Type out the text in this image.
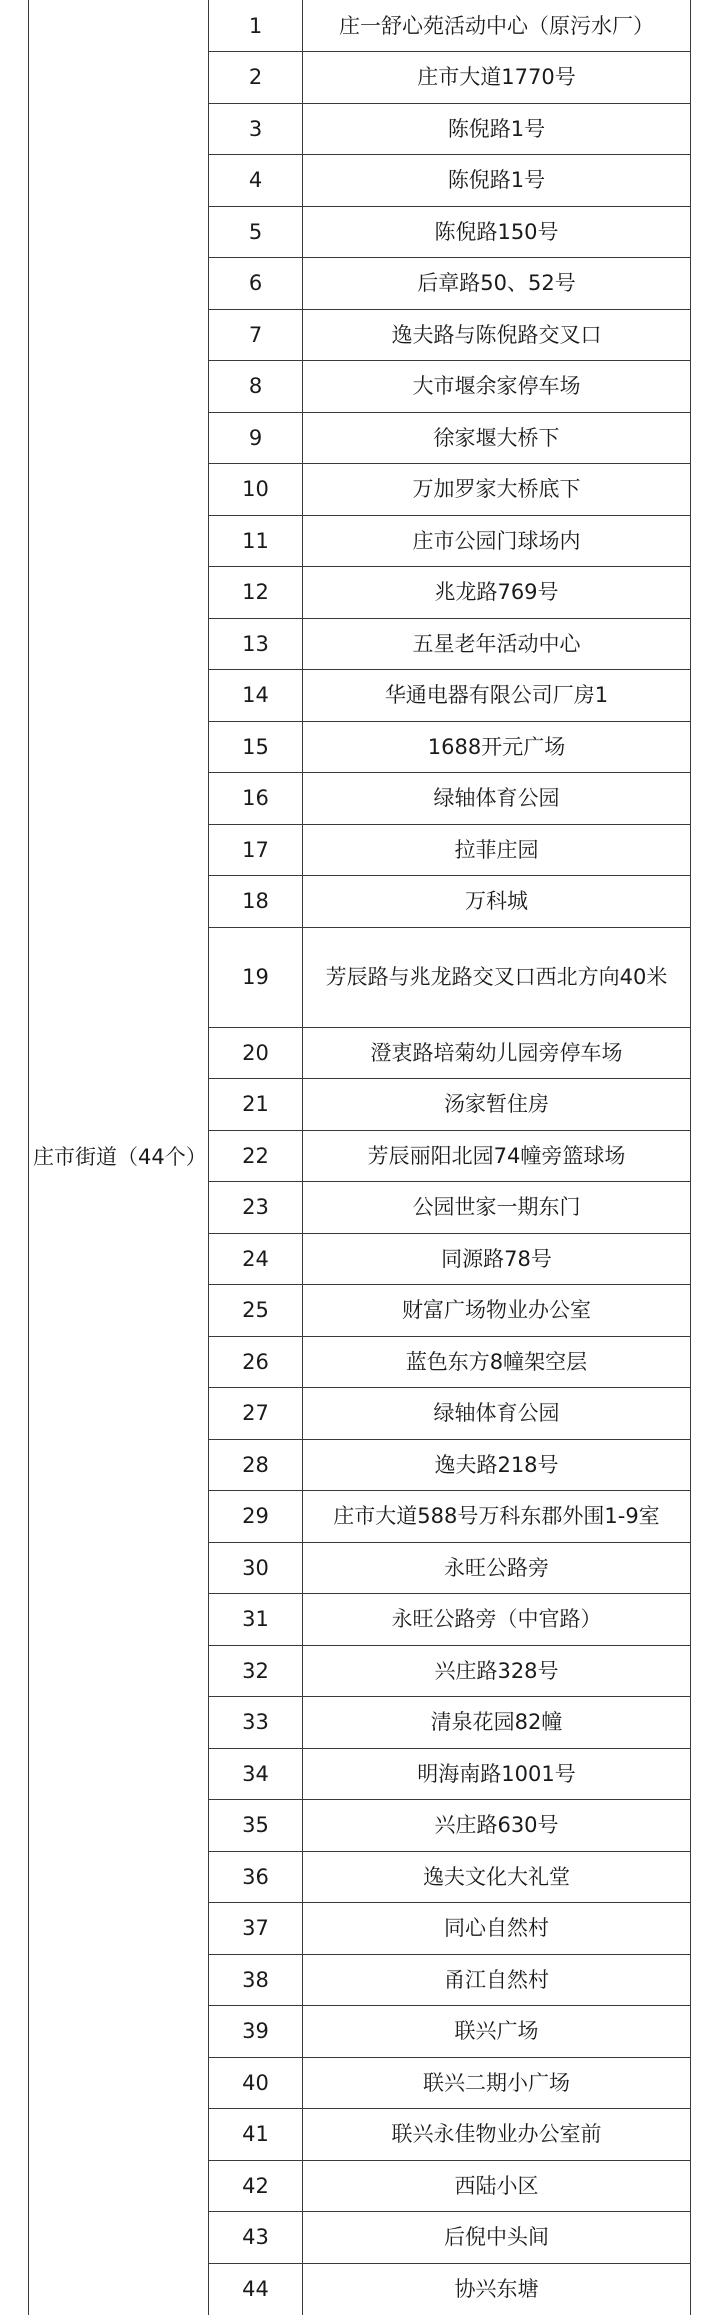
庄市街道（44个）	1	庄一舒心苑活动中心（原污水厂）
	2	庄市大道1770号
	3	陈倪路1号
	4	陈倪路1号
	5	陈倪路150号
	6	后章路50、52号
	7	逸夫路与陈倪路交叉口
	8	大市堰余家停车场
	9	徐家堰大桥下
	10	万加罗家大桥底下
	11	庄市公园门球场内
	12	兆龙路769号
	13	五星老年活动中心
	14	华通电器有限公司厂房1
	15	1688开元广场
	16	绿轴体育公园
	17	拉菲庄园
	18	万科城
	19	芳辰路与兆龙路交叉口西北方向40米
	20	澄衷路培菊幼儿园旁停车场
	21	汤家暂住房
	22	芳辰丽阳北园74幢旁篮球场
	23	公园世家一期东门
	24	同源路78号
	25	财富广场物业办公室
	26	蓝色东方8幢架空层
	27	绿轴体育公园
	28	逸夫路218号
	29	庄市大道588号万科东郡外围1-9室
	30	永旺公路旁
	31	永旺公路旁（中官路）
	32	兴庄路328号
	33	清泉花园82幢
	34	明海南路1001号
	35	兴庄路630号
	36	逸夫文化大礼堂
	37	同心自然村
	38	甬江自然村
	39	联兴广场
	40	联兴二期小广场
	41	联兴永佳物业办公室前
	42	西陆小区
	43	后倪中头间
	44	协兴东塘
